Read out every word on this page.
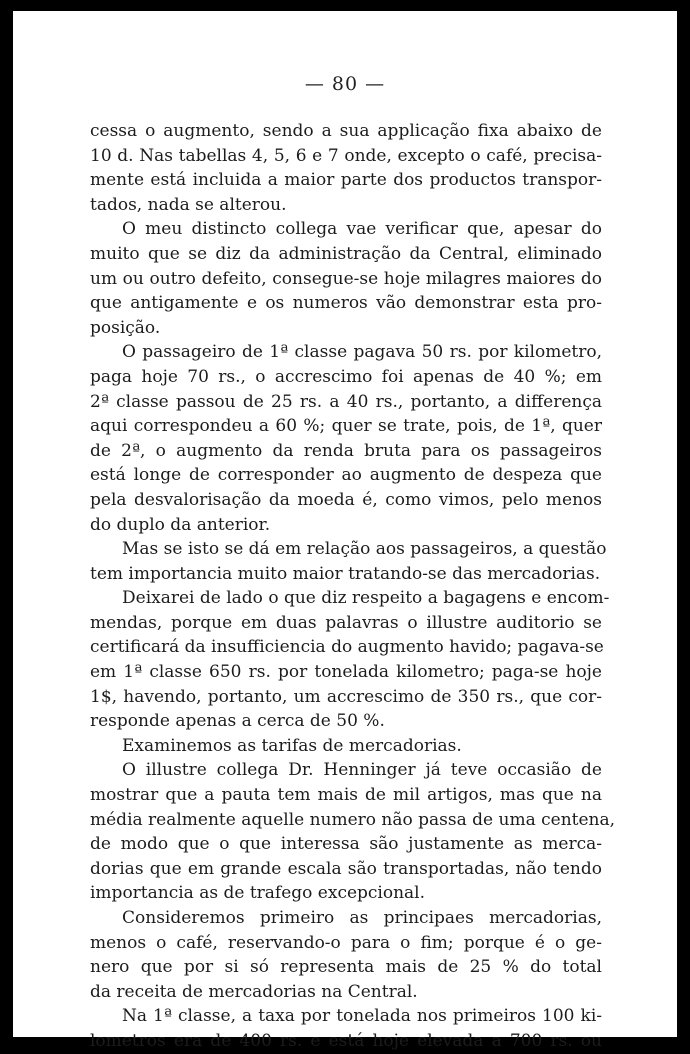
— 80 —
cessa o augmento, sendo a sua applicação fixa abaixo de
10 d. Nas tabellas 4, 5, 6 e 7 onde, excepto o café, precisa-
mente está incluida a maior parte dos productos transpor-
tados, nada se alterou.
O meu distincto collega vae verificar que, apesar do
muito que se diz da administração da Central, eliminado
um ou outro defeito, consegue-se hoje milagres maiores do
que antigamente e os numeros vão demonstrar esta pro-
posição.
O passageiro de 1ª classe pagava 50 rs. por kilometro,
paga hoje 70 rs., o accrescimo foi apenas de 40 %; em
2ª classe passou de 25 rs. a 40 rs., portanto, a differença
aqui correspondeu a 60 %; quer se trate, pois, de 1ª, quer
de 2ª, o augmento da renda bruta para os passageiros
está longe de corresponder ao augmento de despeza que
pela desvalorisação da moeda é, como vimos, pelo menos
do duplo da anterior.
Mas se isto se dá em relação aos passageiros, a questão
tem importancia muito maior tratando-se das mercadorias.
Deixarei de lado o que diz respeito a bagagens e encom-
mendas, porque em duas palavras o illustre auditorio se
certificará da insufficiencia do augmento havido; pagava-se
em 1ª classe 650 rs. por tonelada kilometro; paga-se hoje
1$, havendo, portanto, um accrescimo de 350 rs., que cor-
responde apenas a cerca de 50 %.
Examinemos as tarifas de mercadorias.
O illustre collega Dr. Henninger já teve occasião de
mostrar que a pauta tem mais de mil artigos, mas que na
média realmente aquelle numero não passa de uma centena,
de modo que o que interessa são justamente as merca-
dorias que em grande escala são transportadas, não tendo
importancia as de trafego excepcional.
Consideremos primeiro as principaes mercadorias,
menos o café, reservando-o para o fim; porque é o ge-
nero que por si só representa mais de 25 % do total
da receita de mercadorias na Central.
Na 1ª classe, a taxa por tonelada nos primeiros 100 ki-
lometros era de 400 rs. e está hoje elevada a 700 rs. ou
